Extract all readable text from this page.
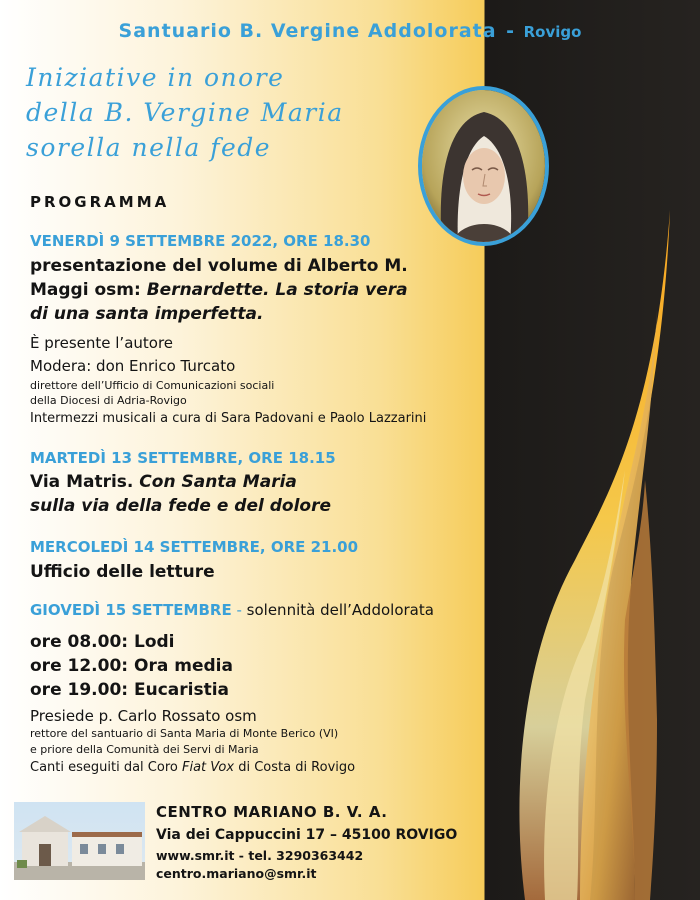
Santuario B. Vergine Addolorata - Rovigo
Iniziative in onore
della B. Vergine Maria
sorella nella fede
PROGRAMMA
VENERDÌ 9 SETTEMBRE 2022, ORE 18.30
presentazione del volume di Alberto M.
Maggi osm: Bernardette. La storia vera
di una santa imperfetta.
È presente l’autore
Modera: don Enrico Turcato
direttore dell’Ufficio di Comunicazioni sociali
della Diocesi di Adria-Rovigo
Intermezzi musicali a cura di Sara Padovani e Paolo Lazzarini
MARTEDÌ 13 SETTEMBRE, ORE 18.15
Via Matris. Con Santa Maria
sulla via della fede e del dolore
MERCOLEDÌ 14 SETTEMBRE, ORE 21.00
Ufficio delle letture
GIOVEDÌ 15 SETTEMBRE - solennità dell’Addolorata
ore 08.00: Lodi
ore 12.00: Ora media
ore 19.00: Eucaristia
Presiede p. Carlo Rossato osm
rettore del santuario di Santa Maria di Monte Berico (VI)
e priore della Comunità dei Servi di Maria
Canti eseguiti dal Coro Fiat Vox di Costa di Rovigo
CENTRO MARIANO B. V. A.
Via dei Cappuccini 17 – 45100 ROVIGO
www.smr.it - tel. 3290363442
centro.mariano@smr.it
